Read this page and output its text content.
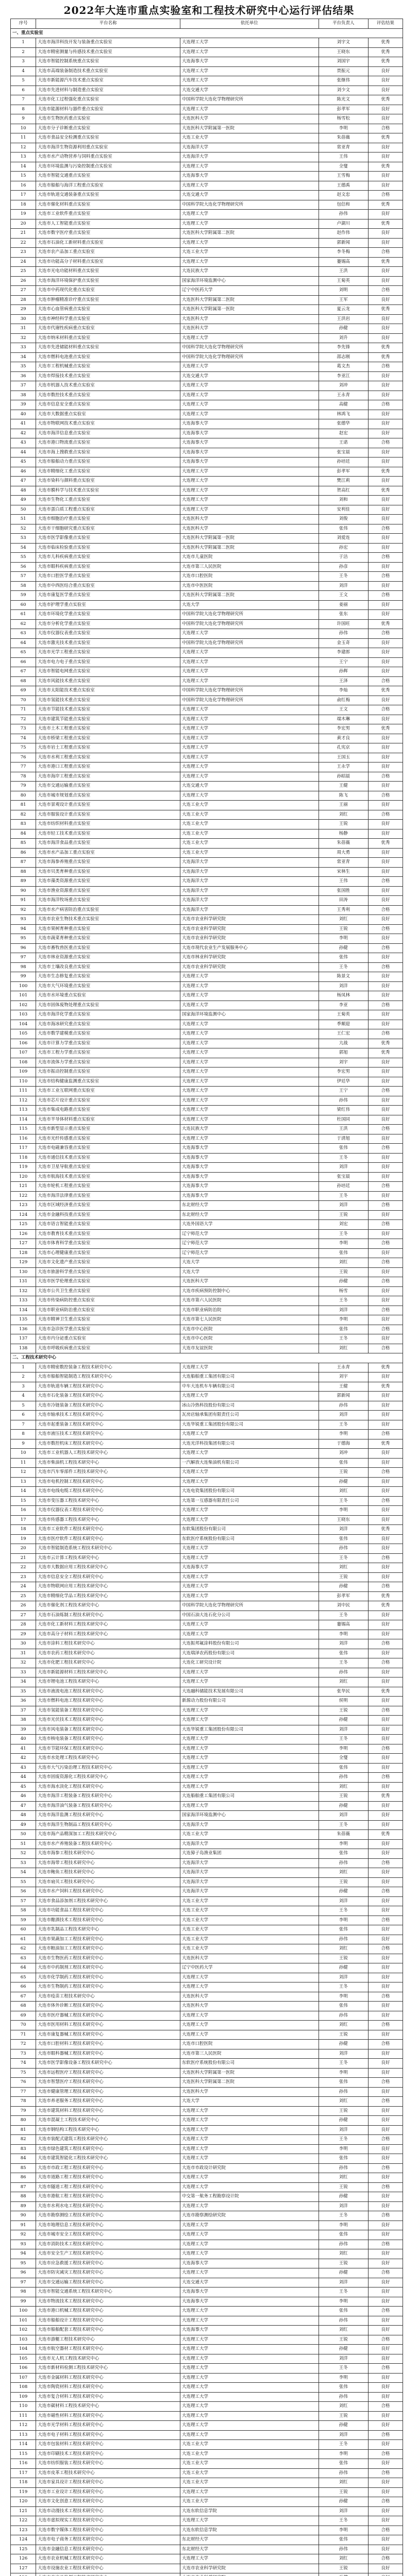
2022年大连市重点实验室和工程技术研究中心运行评估结果
序号	平台名称	依托单位	平台负责人	评估结果
一、重点实验室				
1	大连市海洋科技开发与装备重点实验室	大连理工大学	刘宇文	优秀
2	大连市精密测量与传感技术重点实验室	大连理工大学	王晓东	优秀
3	大连市智能控制系统重点实验室	大连海事大学	刘国宇	优秀
4	大连市高端装备制造技术重点实验室	大连理工大学	贾振元	良好
5	大连市新能源汽车技术重点实验室	大连理工大学	张继伟	良好
6	大连市先进材料与制造重点实验室	大连交通大学	刘少文	良好
7	大连市化工过程强化重点实验室	中国科学院大连化学物理研究所	陈光文	优秀
8	大连市能源材料与器件重点实验室	大连理工大学	彭孝军	良好
9	大连市生物医药重点实验室	大连医科大学	杨雪松	良好
10	大连市分子诊断重点实验室	大连医科大学附属第一医院	李明	合格
11	大连市食品安全检测重点实验室	大连工业大学	朱蓓薇	优秀
12	大连市海洋生物资源利用重点实验室	大连海洋大学	常亚青	良好
13	大连市水产动物营养与饲料重点实验室	大连海洋大学	王伟	良好
14	大连市环境监测与污染控制重点实验室	大连理工大学	全燮	优秀
15	大连市智能交通重点实验室	大连海事大学	王雪梅	良好
16	大连市船舶与海洋工程重点实验室	大连理工大学	王德禹	良好
17	大连市轨道交通装备重点实验室	大连交通大学	赵文忠	合格
18	大连市催化材料重点实验室	中国科学院大连化学物理研究所	包信和	优秀
19	大连市工业软件重点实验室	大连理工大学	孙伟	良好
20	大连市人工智能重点实验室	大连理工大学	卢湖川	优秀
21	大连市数字医疗重点实验室	大连医科大学附属第二医院	赵作伟	良好
22	大连市石油化工新材料重点实验室	大连理工大学	郭新闻	良好
23	大连市农产品加工重点实验室	大连工业大学	李冬梅	合格
24	大连市功能高分子材料重点实验室	大连理工大学	蹇锡高	优秀
25	大连市光电功能材料重点实验室	大连民族大学	王洪	良好
26	大连市海洋环境保护重点实验室	国家海洋环境监测中心	王菊英	良好
27	大连市中药现代化重点实验室	辽宁中医药大学	刘明	合格
28	大连市肿瘤精准诊疗重点实验室	大连医科大学附属第二医院	王军	良好
29	大连市心血管病重点实验室	大连医科大学附属第一医院	夏云龙	优秀
30	大连市神经科学重点实验室	大连医科大学	王洪岩	良好
31	大连市代谢性疾病重点实验室	大连医科大学	孙健	良好
32	大连市纳米材料重点实验室	大连理工大学	刘升	良好
33	大连市先进储能材料重点实验室	中国科学院大连化学物理研究所	李先锋	优秀
34	大连市燃料电池重点实验室	中国科学院大连化学物理研究所	邵志刚	优秀
35	大连市工程机械重点实验室	大连理工大学	葛文杰	合格
36	大连市焊接技术重点实验室	大连交通大学	李亚江	良好
37	大连市机器人技术重点实验室	大连理工大学	刘冲	良好
38	大连市数控技术重点实验室	大连理工大学	王永青	良好
39	大连市信息安全重点实验室	大连理工大学	高健	合格
40	大连市大数据重点实验室	大连理工大学	林鸿飞	良好
41	大连市物联网技术重点实验室	大连海事大学	张德华	良好
42	大连市海洋信息重点实验室	大连海事大学	赵宏	良好
43	大连市港口物流重点实验室	大连海事大学	王诺	合格
44	大连市海上搜救重点实验室	大连海事大学	张宝晨	良好
45	大连市船舶动力重点实验室	大连海事大学	孙培廷	良好
46	大连市精细化工重点实验室	大连理工大学	彭孝军	优秀
47	大连市染料与颜料重点实验室	大连理工大学	樊江莉	良好
48	大连市膜科学与技术重点实验室	大连理工大学	贺高红	优秀
49	大连市生物化工重点实验室	大连理工大学	刘和	良好
50	大连市蛋白质工程重点实验室	大连理工大学	安利佳	良好
51	大连市细胞治疗重点实验室	大连医科大学	刘俊	良好
52	大连市干细胞研究重点实验室	大连医科大学	张伟	合格
53	大连市医学影像重点实验室	大连医科大学附属第一医院	刘爱连	良好
54	大连市临床检验重点实验室	大连医科大学附属第二医院	孙宏	良好
55	大连市儿科疾病重点实验室	大连市儿童医院	于洁	合格
56	大连市眼科疾病重点实验室	大连市第三人民医院	孙彦	良好
57	大连市口腔医学重点实验室	大连市口腔医院	王冬	合格
58	大连市中西医结合重点实验室	大连市中医医院	刘洋	良好
59	大连市康复医学重点实验室	大连医科大学附属第二医院	王文	合格
60	大连市护理学重点实验室	大连大学	姜丽	良好
61	大连市环境化学重点实验室	中国科学院大连化学物理研究所	张东	良好
62	大连市分析化学重点实验室	中国科学院大连化学物理研究所	许国旺	优秀
63	大连市仪器仪表重点实验室	大连理工大学	孙伟	合格
64	大连市激光技术重点实验室	中国科学院大连化学物理研究所	金玉奇	良好
65	大连市光学工程重点实验室	大连理工大学	李建郎	良好
66	大连市电力电子重点实验室	大连理工大学	王宁	良好
67	大连市智能电网重点实验室	大连理工大学	孙辉	良好
68	大连市风能技术重点实验室	大连理工大学	王泽	合格
69	大连市太阳能技术重点实验室	中国科学院大连化学物理研究所	李灿	优秀
70	大连市氢能技术重点实验室	中国科学院大连化学物理研究所	俞红梅	良好
71	大连市节能技术重点实验室	大连理工大学	王文	合格
72	大连市建筑节能重点实验室	大连理工大学	端木琳	良好
73	大连市土木工程重点实验室	大连理工大学	李宏男	优秀
74	大连市桥梁工程重点实验室	大连理工大学	黄才良	良好
75	大连市岩土工程重点实验室	大连理工大学	孔宪京	良好
76	大连市水利工程重点实验室	大连理工大学	王国玉	良好
77	大连市港口工程重点实验室	大连理工大学	王永学	良好
78	大连市海岸工程重点实验室	大连理工大学	孙昭晨	合格
79	大连市交通运输重点实验室	大连交通大学	王健	良好
80	大连市城市规划重点实验室	大连理工大学	陈飞	合格
81	大连市景观设计重点实验室	大连工业大学	王丽	良好
82	大连市服装设计重点实验室	大连工业大学	刘红	合格
83	大连市纺织材料重点实验室	大连工业大学	王锐	良好
84	大连市轻工技术重点实验室	大连工业大学	杨静	良好
85	大连市海洋食品重点实验室	大连工业大学	朱蓓薇	优秀
86	大连市水产品加工重点实验室	大连工业大学	周大勇	良好
87	大连市海参养殖重点实验室	大连海洋大学	常亚青	良好
88	大连市贝类育种重点实验室	大连海洋大学	宋林生	良好
89	大连市藻类资源重点实验室	大连海洋大学	王伟	合格
90	大连市渔业资源重点实验室	大连海洋大学	张国胜	良好
91	大连市海洋牧场重点实验室	大连海洋大学	田涛	良好
92	大连市水产病害防治重点实验室	大连海洋大学	王秀利	合格
93	大连市农业生物技术重点实验室	大连市农业科学研究院	刘红	良好
94	大连市果树育种重点实验室	大连市农业科学研究院	王锐	合格
95	大连市蔬菜育种重点实验室	大连市农业科学研究院	李明	良好
96	大连市畜牧兽医重点实验室	大连市现代农业生产发展服务中心	孙健	合格
97	大连市林业资源重点实验室	大连市林业科学研究院	张伟	良好
98	大连市土壤改良重点实验室	大连市农业科学研究院	王冬	合格
99	大连市生态修复重点实验室	大连理工大学	陈景文	良好
100	大连市大气环境重点实验室	大连理工大学	刘洋	良好
101	大连市水环境重点实验室	大连理工大学	杨凤林	良好
102	大连市固体废物处理重点实验室	大连理工大学	李亚	合格
103	大连市海洋化学重点实验室	国家海洋环境监测中心	王菊英	良好
104	大连市海冰研究重点实验室	大连理工大学	季顺迎	良好
105	大连市数学建模重点实验室	大连理工大学	王仁宏	合格
106	大连市计算力学重点实验室	大连理工大学	亢战	优秀
107	大连市工程力学重点实验室	大连理工大学	郭旭	优秀
108	大连市流体力学重点实验室	大连理工大学	刘宇	良好
109	大连市振动控制重点实验室	大连理工大学	李宏男	良好
110	大连市结构健康监测重点实验室	大连理工大学	伊廷华	良好
111	大连市工业互联网重点实验室	大连理工大学	王宁	合格
112	大连市芯片设计重点实验室	大连理工大学	孙伟	良好
113	大连市集成电路重点实验室	大连理工大学	梁红伟	良好
114	大连市半导体材料重点实验室	大连理工大学	杜国同	良好
115	大连市新型显示重点实验室	大连民族大学	王洪	合格
116	大连市光纤传感重点实验室	大连理工大学	于清旭	良好
117	大连市电磁兼容重点实验室	大连海事大学	张伟	合格
118	大连市通信技术重点实验室	大连海事大学	王冬	良好
119	大连市卫星导航重点实验室	大连海事大学	刘洋	良好
120	大连市航海技术重点实验室	大连海事大学	张宝晨	良好
121	大连市轮机工程重点实验室	大连海事大学	孙培廷	合格
122	大连市海洋法律重点实验室	大连海事大学	王冬	良好
123	大连市区域经济重点实验室	东北财经大学	刘洋	合格
124	大连市金融科技重点实验室	东北财经大学	王锐	良好
125	大连市语言智能重点实验室	大连外国语大学	刘宏	合格
126	大连市教育技术重点实验室	辽宁师范大学	王冬	良好
127	大连市体育科学重点实验室	辽宁师范大学	李明	合格
128	大连市心理健康重点实验室	辽宁师范大学	张伟	良好
129	大连市文化遗产重点实验室	大连大学	刘红	合格
130	大连市旅游科学重点实验室	大连大学	王锐	良好
131	大连市医学伦理重点实验室	大连医科大学	孙健	合格
132	大连市公共卫生重点实验室	大连市疾病预防控制中心	杨雪	良好
133	大连市传染病防控重点实验室	大连市第六人民医院	王冬	良好
134	大连市职业病防治重点实验室	大连市职业病防治院	刘洋	合格
135	大连市精神卫生重点实验室	大连市第七人民医院	李明	良好
136	大连市急诊医学重点实验室	大连市中心医院	张伟	合格
137	大连市内分泌重点实验室	大连市中心医院	王冬	良好
138	大连市呼吸疾病重点实验室	大连市友谊医院	刘红	合格
二、工程技术研究中心				
1	大连市精密数控装备工程技术研究中心	大连理工大学	王永青	优秀
2	大连市船舶智能制造工程技术研究中心	大连船舶重工集团有限公司	刘宇	良好
3	大连市轨道车辆工程技术研究中心	中车大连机车车辆有限公司	王健	优秀
4	大连市石化装备工程技术研究中心	大连理工大学	郭新闻	良好
5	大连市冷链装备工程技术研究中心	冰山冷热科技股份有限公司	孙伟	良好
6	大连市轴承技术工程技术研究中心	瓦房店轴承集团有限责任公司	刘洋	良好
7	大连市起重装备工程技术研究中心	大连华锐重工集团股份有限公司	王冬	良好
8	大连市液压技术工程技术研究中心	大连理工大学	李明	合格
9	大连市数控机床工程技术研究中心	大连光洋科技集团有限公司	于德海	优秀
10	大连市工业机器人工程技术研究中心	大连理工大学	刘冲	良好
11	大连市柴油机工程技术研究中心	一汽解放大连柴油机有限公司	张伟	良好
12	大连市汽车零部件工程技术研究中心	大连理工大学	王锐	合格
13	大连市电机控制工程技术研究中心	大连理工大学	孙健	良好
14	大连市电线电缆工程技术研究中心	大连电瓷集团股份有限公司	刘红	良好
15	大连市变压器工程技术研究中心	大连第一互感器有限责任公司	王冬	合格
16	大连市仪器仪表工程技术研究中心	大连理工大学	李明	良好
17	大连市传感器工程技术研究中心	大连理工大学	王晓东	良好
18	大连市工业软件工程技术研究中心	东软集团股份有限公司	刘洋	优秀
19	大连市医疗软件工程技术研究中心	东软医疗系统股份有限公司	张伟	良好
20	大连市智能制造系统工程技术研究中心	大连理工大学	孙伟	良好
21	大连市云计算工程技术研究中心	大连理工大学	王冬	合格
22	大连市大数据应用工程技术研究中心	大连海事大学	刘红	良好
23	大连市信息安全工程技术研究中心	大连理工大学	王锐	良好
24	大连市物联网应用工程技术研究中心	大连理工大学	孙健	合格
25	大连市精细化学品工程技术研究中心	大连理工大学	彭孝军	优秀
26	大连市催化剂工程技术研究中心	中国科学院大连化学物理研究所	刘中民	优秀
27	大连市石油炼制工程技术研究中心	中国石油大连石化分公司	王冬	良好
28	大连市化工新材料工程技术研究中心	大连理工大学	蹇锡高	良好
29	大连市高分子材料工程技术研究中心	大连理工大学	李明	良好
30	大连市涂料工程技术研究中心	大连振邦氟涂料股份有限公司	刘洋	合格
31	大连市农药工程技术研究中心	大连瑞泽农药股份有限公司	张伟	良好
32	大连市化肥工程技术研究中心	大连化工研究设计院	王冬	合格
33	大连市新能源材料工程技术研究中心	大连理工大学	孙伟	良好
34	大连市锂电池工程技术研究中心	大连理工大学	刘红	良好
35	大连市液流电池工程技术研究中心	大连融科储能技术发展有限公司	张华民	优秀
36	大连市燃料电池工程技术研究中心	新源动力股份有限公司	侯明	良好
37	大连市氢能装备工程技术研究中心	大连理工大学	王锐	合格
38	大连市光伏技术工程技术研究中心	大连理工大学	孙健	良好
39	大连市风电装备工程技术研究中心	大连华锐重工集团股份有限公司	刘洋	良好
40	大连市核电装备工程技术研究中心	大连理工大学	王冬	良好
41	大连市节能环保工程技术研究中心	大连理工大学	李明	合格
42	大连市水处理工程技术研究中心	大连理工大学	全燮	良好
43	大连市大气污染治理工程技术研究中心	大连理工大学	张伟	良好
44	大连市固废资源化工程技术研究中心	大连理工大学	孙伟	合格
45	大连市海水淡化工程技术研究中心	大连理工大学	刘红	良好
46	大连市海洋工程装备工程技术研究中心	大连船舶重工集团有限公司	王锐	优秀
47	大连市海洋油气装备工程技术研究中心	大连理工大学	孙健	良好
48	大连市海洋监测工程技术研究中心	国家海洋环境监测中心	刘洋	良好
49	大连市海洋生物制品工程技术研究中心	大连海洋大学	王冬	良好
50	大连市海产品精深加工工程技术研究中心	大连工业大学	朱蓓薇	优秀
51	大连市水产养殖装备工程技术研究中心	大连海洋大学	李明	良好
52	大连市海参工程技术研究中心	大连獐子岛渔业集团	张伟	良好
53	大连市海带工程技术研究中心	大连海洋大学	孙伟	合格
54	大连市鲍鱼工程技术研究中心	大连海洋大学	刘红	良好
55	大连市扇贝工程技术研究中心	大连海洋大学	王锐	良好
56	大连市水产饲料工程技术研究中心	大连海洋大学	孙健	合格
57	大连市食品添加剂工程技术研究中心	大连工业大学	刘洋	良好
58	大连市功能食品工程技术研究中心	大连工业大学	王冬	良好
59	大连市酿酒技术工程技术研究中心	大连工业大学	李明	合格
60	大连市乳制品工程技术研究中心	大连工业大学	张伟	良好
61	大连市果蔬加工工程技术研究中心	大连工业大学	孙伟	良好
62	大连市粮油加工工程技术研究中心	大连工业大学	刘红	合格
63	大连市生物医药工程技术研究中心	大连医科大学	王锐	良好
64	大连市中药制剂工程技术研究中心	辽宁中医药大学	孙健	良好
65	大连市化学制药工程技术研究中心	大连理工大学	刘洋	良好
66	大连市生物制药工程技术研究中心	大连理工大学	王冬	良好
67	大连市疫苗工程技术研究中心	大连医科大学	李明	合格
68	大连市体外诊断工程技术研究中心	大连医科大学	张伟	良好
69	大连市医疗器械工程技术研究中心	大连理工大学	孙伟	良好
70	大连市医用材料工程技术研究中心	大连理工大学	刘红	合格
71	大连市康复器械工程技术研究中心	大连理工大学	王锐	良好
72	大连市口腔材料工程技术研究中心	大连市口腔医院	孙健	合格
73	大连市眼科器械工程技术研究中心	大连市第三人民医院	刘洋	良好
74	大连市医学影像设备工程技术研究中心	东软医疗系统股份有限公司	王冬	良好
75	大连市远程医疗工程技术研究中心	大连医科大学附属第一医院	李明	良好
76	大连市智慧医疗工程技术研究中心	大连医科大学附属第二医院	张伟	合格
77	大连市健康管理工程技术研究中心	大连医科大学	孙伟	良好
78	大连市养老服务工程技术研究中心	大连大学	刘红	合格
79	大连市建筑材料工程技术研究中心	大连理工大学	王锐	良好
80	大连市混凝土工程技术研究中心	大连理工大学	孙健	良好
81	大连市钢结构工程技术研究中心	大连理工大学	刘洋	良好
82	大连市装配式建筑工程技术研究中心	大连理工大学	王冬	合格
83	大连市绿色建筑工程技术研究中心	大连理工大学	李明	良好
84	大连市建筑智能化工程技术研究中心	大连理工大学	张伟	良好
85	大连市市政工程工程技术研究中心	大连市市政设计研究院	孙伟	合格
86	大连市道路工程工程技术研究中心	大连理工大学	刘红	良好
87	大连市隧道工程工程技术研究中心	大连理工大学	王锐	合格
88	大连市港航工程工程技术研究中心	中交第一航务工程勘察设计院	孙健	良好
89	大连市水利水电工程技术研究中心	大连理工大学	刘洋	良好
90	大连市勘察测绘工程技术研究中心	大连市勘察测绘研究院	王冬	合格
91	大连市地理信息工程技术研究中心	大连理工大学	李明	良好
92	大连市城市安全工程技术研究中心	大连理工大学	张伟	良好
93	大连市消防技术工程技术研究中心	大连理工大学	孙伟	合格
94	大连市安全生产工程技术研究中心	大连理工大学	刘红	良好
95	大连市应急救援工程技术研究中心	大连海事大学	王锐	良好
96	大连市防灾减灾工程技术研究中心	大连理工大学	孙健	合格
97	大连市交通运输工程技术研究中心	大连交通大学	刘洋	良好
98	大连市智能交通系统工程技术研究中心	大连海事大学	王冬	良好
99	大连市物流技术工程技术研究中心	大连海事大学	李明	良好
100	大连市港口机械工程技术研究中心	大连理工大学	张伟	合格
101	大连市船舶设计工程技术研究中心	大连理工大学	孙伟	良好
102	大连市船舶配套工程技术研究中心	大连海事大学	刘红	良好
103	大连市游艇工程技术研究中心	大连理工大学	王锐	合格
104	大连市航空器材工程技术研究中心	大连理工大学	孙健	良好
105	大连市无人机工程技术研究中心	大连理工大学	刘洋	良好
106	大连市新材料检测工程技术研究中心	大连理工大学	王冬	合格
107	大连市金属材料工程技术研究中心	大连理工大学	李明	良好
108	大连市陶瓷材料工程技术研究中心	大连理工大学	张伟	良好
109	大连市复合材料工程技术研究中心	大连理工大学	孙伟	良好
110	大连市碳材料工程技术研究中心	大连理工大学	刘红	合格
111	大连市磁性材料工程技术研究中心	大连理工大学	王锐	良好
112	大连市光学材料工程技术研究中心	大连理工大学	孙健	良好
113	大连市电子材料工程技术研究中心	大连理工大学	刘洋	合格
114	大连市包装材料工程技术研究中心	大连工业大学	王冬	良好
115	大连市印刷技术工程技术研究中心	大连工业大学	李明	合格
116	大连市纺织服装工程技术研究中心	大连工业大学	张伟	良好
117	大连市皮革工程技术研究中心	大连工业大学	孙伟	合格
118	大连市家具设计工程技术研究中心	大连工业大学	刘红	良好
119	大连市工业设计工程技术研究中心	大连理工大学	王锐	良好
120	大连市文化创意工程技术研究中心	大连工业大学	孙健	合格
121	大连市动漫技术工程技术研究中心	大连东软信息学院	刘洋	良好
122	大连市虚拟现实工程技术研究中心	大连理工大学	王冬	良好
123	大连市数字媒体工程技术研究中心	大连东软信息学院	李明	合格
124	大连市电子商务工程技术研究中心	东北财经大学	张伟	良好
125	大连市金融信息工程技术研究中心	东北财经大学	孙伟	良好
126	大连市农业机械工程技术研究中心	大连理工大学	刘红	合格
127	大连市设施农业工程技术研究中心	大连市农业科学研究院	王锐	良好
